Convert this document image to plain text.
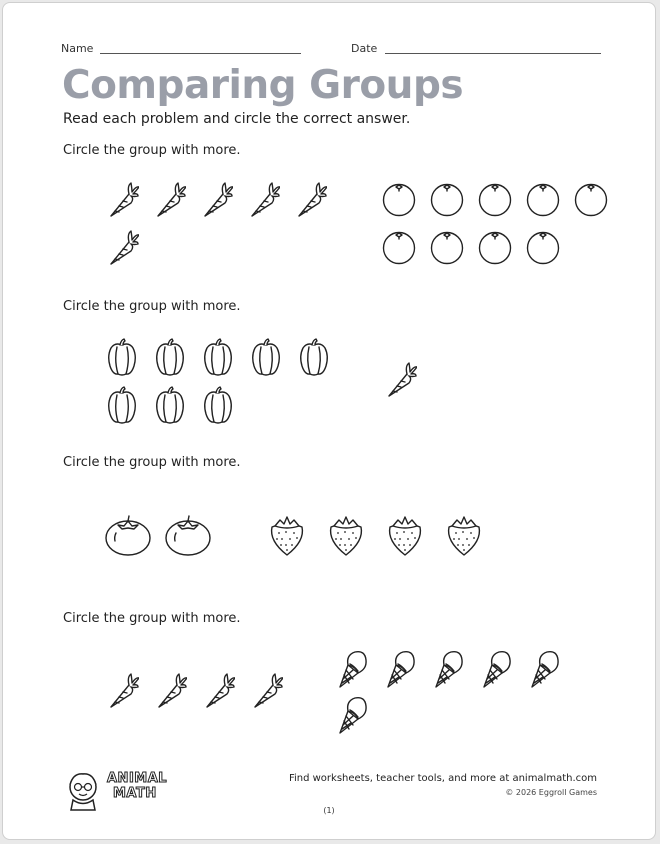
Name	Date
Comparing Groups
Read each problem and circle the correct answer.
Circle the group with more.
Circle the group with more.
Circle the group with more.
Circle the group with more.
ANIMAL
MATH
Find worksheets, teacher tools, and more at animalmath.com
© 2026 Eggroll Games
(1)
